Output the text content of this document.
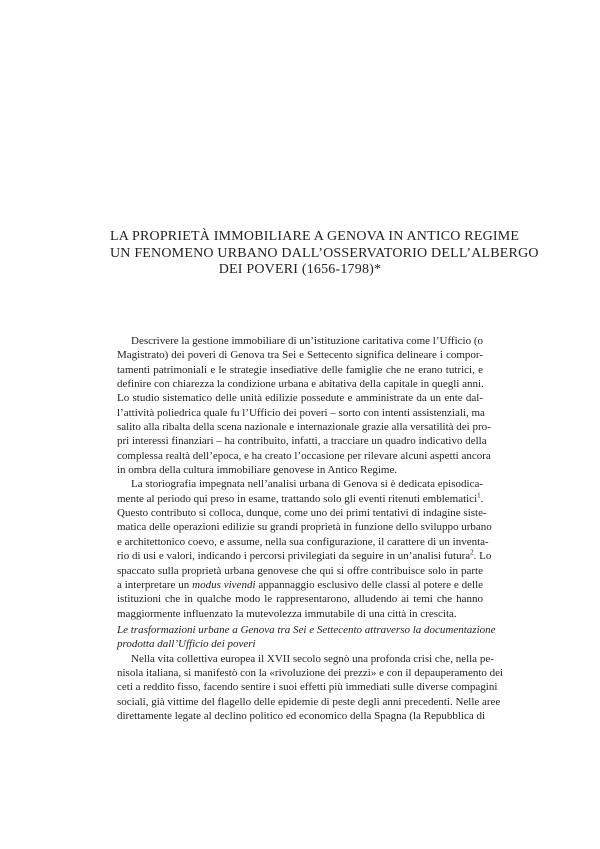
LA PROPRIETÀ IMMOBILIARE A GENOVA IN ANTICO REGIME
UN FENOMENO URBANO DALL’OSSERVATORIO DELL’ALBERGO
DEI POVERI (1656-1798)*
Descrivere la gestione immobiliare di un’istituzione caritativa come l’Ufficio (o
Magistrato) dei poveri di Genova tra Sei e Settecento significa delineare i compor-
tamenti patrimoniali e le strategie insediative delle famiglie che ne erano tutrici, e
definire con chiarezza la condizione urbana e abitativa della capitale in quegli anni.
Lo studio sistematico delle unità edilizie possedute e amministrate da un ente dal-
l’attività poliedrica quale fu l’Ufficio dei poveri – sorto con intenti assistenziali, ma
salito alla ribalta della scena nazionale e internazionale grazie alla versatilità dei pro-
pri interessi finanziari – ha contribuito, infatti, a tracciare un quadro indicativo della
complessa realtà dell’epoca, e ha creato l’occasione per rilevare alcuni aspetti ancora
in ombra della cultura immobiliare genovese in Antico Regime.
La storiografia impegnata nell’analisi urbana di Genova si è dedicata episodica-
mente al periodo qui preso in esame, trattando solo gli eventi ritenuti emblematici$^1$.
Questo contributo si colloca, dunque, come uno dei primi tentativi di indagine siste-
matica delle operazioni edilizie su grandi proprietà in funzione dello sviluppo urbano
e architettonico coevo, e assume, nella sua configurazione, il carattere di un inventa-
rio di usi e valori, indicando i percorsi privilegiati da seguire in un’analisi futura$^2$. Lo
spaccato sulla proprietà urbana genovese che qui si offre contribuisce solo in parte
a interpretare un modus vivendi appannaggio esclusivo delle classi al potere e delle
istituzioni che in qualche modo le rappresentarono, alludendo ai temi che hanno
maggiormente influenzato la mutevolezza immutabile di una città in crescita.
Le trasformazioni urbane a Genova tra Sei e Settecento attraverso la documentazione
prodotta dall’Ufficio dei poveri
Nella vita collettiva europea il XVII secolo segnò una profonda crisi che, nella pe-
nisola italiana, si manifestò con la «rivoluzione dei prezzi» e con il depauperamento dei
ceti a reddito fisso, facendo sentire i suoi effetti più immediati sulle diverse compagini
sociali, già vittime del flagello delle epidemie di peste degli anni precedenti. Nelle aree
direttamente legate al declino politico ed economico della Spagna (la Repubblica di
